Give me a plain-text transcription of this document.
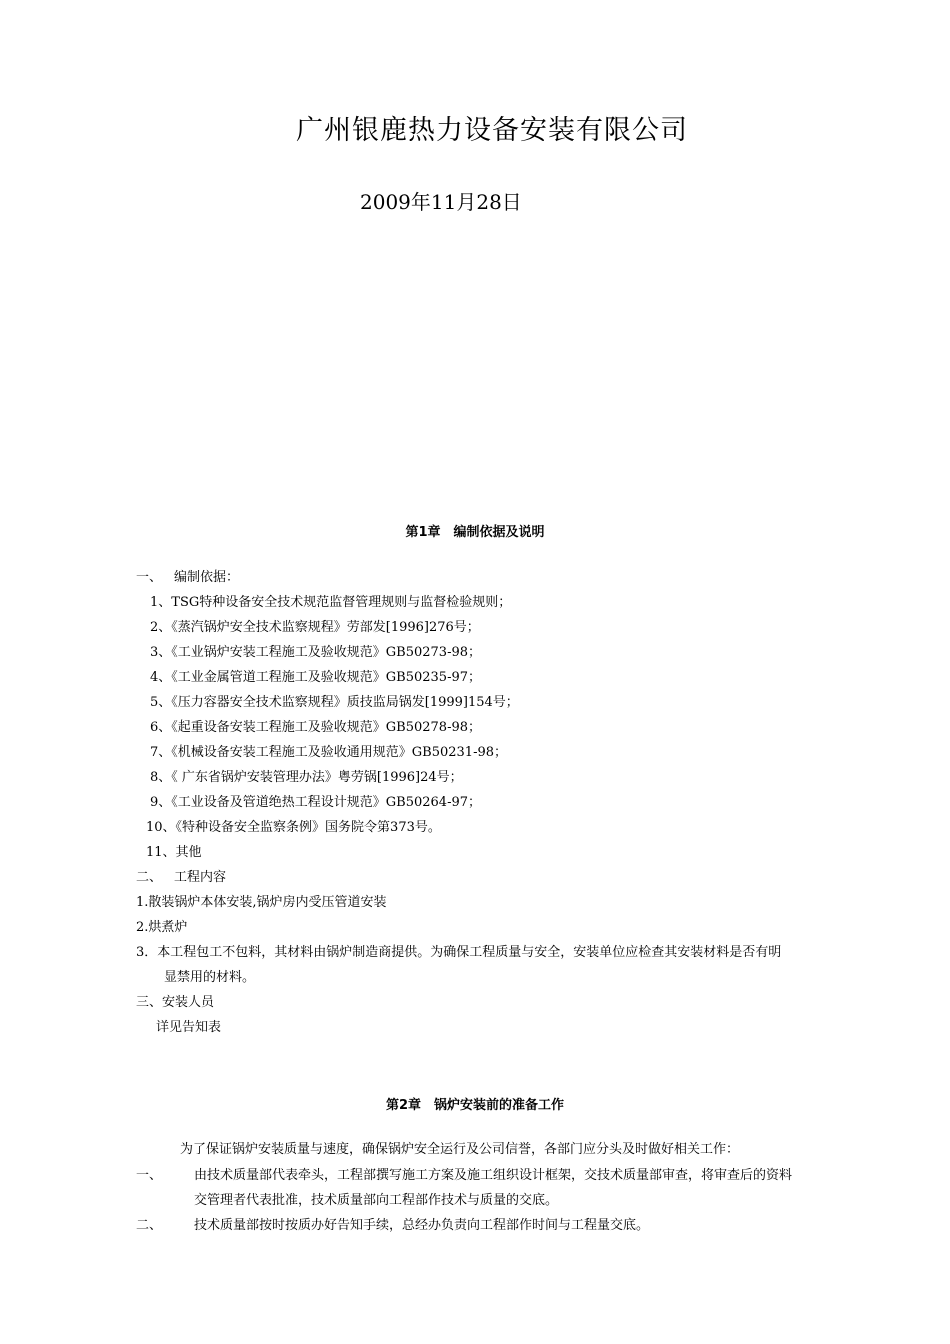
广州银鹿热力设备安装有限公司
2009年11月28日
第1章　编制依据及说明
一、 编制依据：
1、TSG特种设备安全技术规范监督管理规则与监督检验规则；
2、《蒸汽锅炉安全技术监察规程》劳部发[1996]276号；
3、《工业锅炉安装工程施工及验收规范》GB50273-98；
4、《工业金属管道工程施工及验收规范》GB50235-97；
5、《压力容器安全技术监察规程》质技监局锅发[1999]154号；
6、《起重设备安装工程施工及验收规范》GB50278-98；
7、《机械设备安装工程施工及验收通用规范》GB50231-98；
8、《 广东省锅炉安装管理办法》粤劳锅[1996]24号；
9、《工业设备及管道绝热工程设计规范》GB50264-97；
10、《特种设备安全监察条例》国务院令第373号。
11、其他
二、 工程内容
1.散装锅炉本体安装,锅炉房内受压管道安装
2.烘煮炉
3．本工程包工不包料，其材料由锅炉制造商提供。为确保工程质量与安全，安装单位应检查其安装材料是否有明
显禁用的材料。
三、安装人员
详见告知表
第2章　锅炉安装前的准备工作
为了保证锅炉安装质量与速度，确保锅炉安全运行及公司信誉，各部门应分头及时做好相关工作：
一、 由技术质量部代表牵头，工程部撰写施工方案及施工组织设计框架，交技术质量部审查，将审查后的资料
交管理者代表批准，技术质量部向工程部作技术与质量的交底。
二、 技术质量部按时按质办好告知手续，总经办负责向工程部作时间与工程量交底。
